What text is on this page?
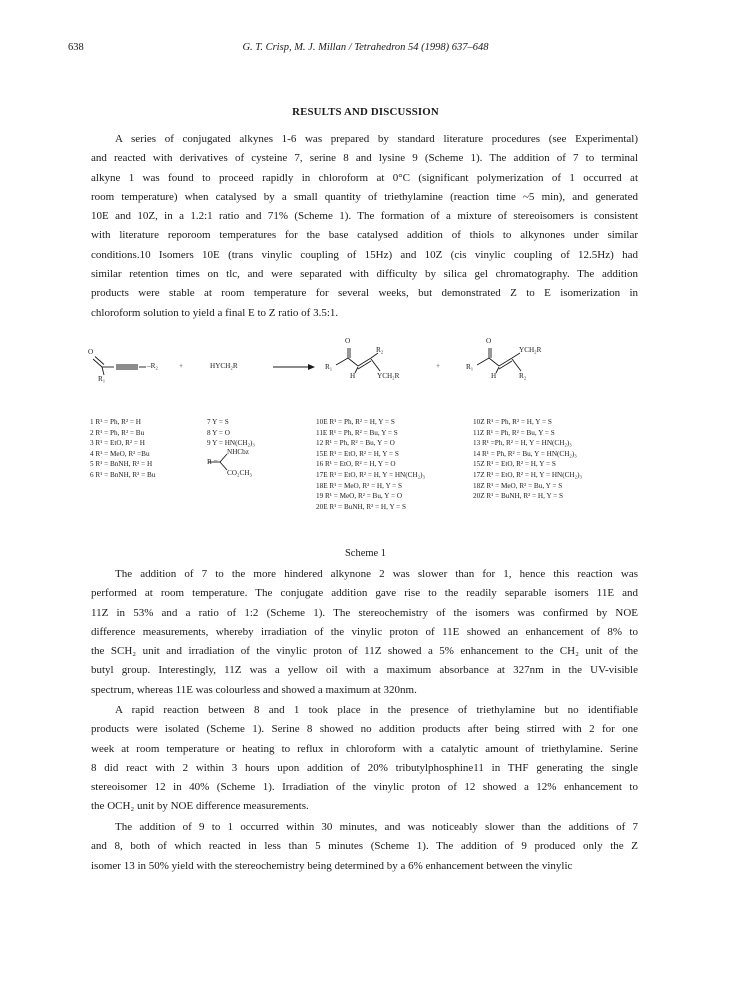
638	G. T. Crisp, M. J. Millan / Tetrahedron 54 (1998) 637–648
RESULTS AND DISCUSSION

A series of conjugated alkynes 1-6 was prepared by standard literature procedures (see Experimental)
and reacted with derivatives of cysteine 7, serine 8 and lysine 9 (Scheme 1). The addition of 7 to terminal
alkyne 1 was found to proceed rapidly in chloroform at 0°C (significant polymerization of 1 occurred at
room temperature) when catalysed by a small quantity of triethylamine (reaction time ~5 min), and generated
10E and 10Z, in a 1.2:1 ratio and 71% (Scheme 1). The formation of a mixture of stereoisomers is consistent
with literature reporoom temperatures for the base catalysed addition of thiols to alkynones under similar
conditions.10 Isomers 10E (trans vinylic coupling of 15Hz) and 10Z (cis vinylic coupling of 12.5Hz) had
similar retention times on tlc, and were separated with difficulty by silica gel chromatography. The addition
products were stable at room temperature for several weeks, but demonstrated Z to E isomerization in
chloroform solution to yield a final E to Z ratio of 3.5:1.

O
R₁
–R₂	+	HYCH₂R
O
R₁
R₂
H	YCH₂R
+
O
R₁
YCH₂R
H	R₂
1 R¹ = Ph, R² = H
2 R¹ = Ph, R² = Bu
3 R¹ = EtO, R² = H
4 R¹ = MeO, R² =Bu
5 R¹ = BnNH, R² = H
6 R¹ = BnNH, R² = Bu
7 Y = S
8 Y = O
9 Y = HN(CH₂)₃
R =
NHCbz
CO₂CH₃
10E R¹ = Ph, R² = H, Y = S
11E R¹ = Ph, R² = Bu, Y = S
12 R¹ = Ph, R² = Bu, Y = O
15E R¹ = EtO, R² = H, Y = S
16 R¹ = EtO, R² = H, Y = O
17E R¹ = EtO, R² = H, Y = HN(CH₂)₃
18E R¹ = MeO, R² = H, Y = S
19 R¹ = MeO, R² = Bu, Y = O
20E R¹ = BuNH, R² = H, Y = S
10Z R¹ = Ph, R² = H, Y = S
11Z R¹ = Ph, R² = Bu, Y = S
13 R¹ =Ph, R² = H, Y = HN(CH₂)₃
14 R¹ = Ph, R² = Bu, Y = HN(CH₂)₃
15Z R¹ = EtO, R² = H, Y = S
17Z R¹ = EtO, R² = H, Y = HN(CH₂)₃
18Z R¹ = MeO, R² = Bu, Y = S
20Z R¹ = BuNH, R² = H, Y = S
Scheme 1

The addition of 7 to the more hindered alkynone 2 was slower than for 1, hence this reaction was
performed at room temperature. The conjugate addition gave rise to the readily separable isomers 11E and
11Z in 53% and a ratio of 1:2 (Scheme 1). The stereochemistry of the isomers was confirmed by NOE
difference measurements, whereby irradiation of the vinylic proton of 11E showed an enhancement of 8% to
the SCH₂ unit and irradiation of the vinylic proton of 11Z showed a 5% enhancement to the CH₂ unit of the
butyl group. Interestingly, 11Z was a yellow oil with a maximum absorbance at 327nm in the UV-visible
spectrum, whereas 11E was colourless and showed a maximum at 320nm.

A rapid reaction between 8 and 1 took place in the presence of triethylamine but no identifiable
products were isolated (Scheme 1). Serine 8 showed no addition products after being stirred with 2 for one
week at room temperature or heating to reflux in chloroform with a catalytic amount of triethylamine. Serine
8 did react with 2 within 3 hours upon addition of 20% tributylphosphine11 in THF generating the single
stereoisomer 12 in 40% (Scheme 1). Irradiation of the vinylic proton of 12 showed a 12% enhancement to
the OCH₂ unit by NOE difference measurements.

The addition of 9 to 1 occurred within 30 minutes, and was noticeably slower than the additions of 7
and 8, both of which reacted in less than 5 minutes (Scheme 1). The addition of 9 produced only the Z
isomer 13 in 50% yield with the stereochemistry being determined by a 6% enhancement between the vinylic
